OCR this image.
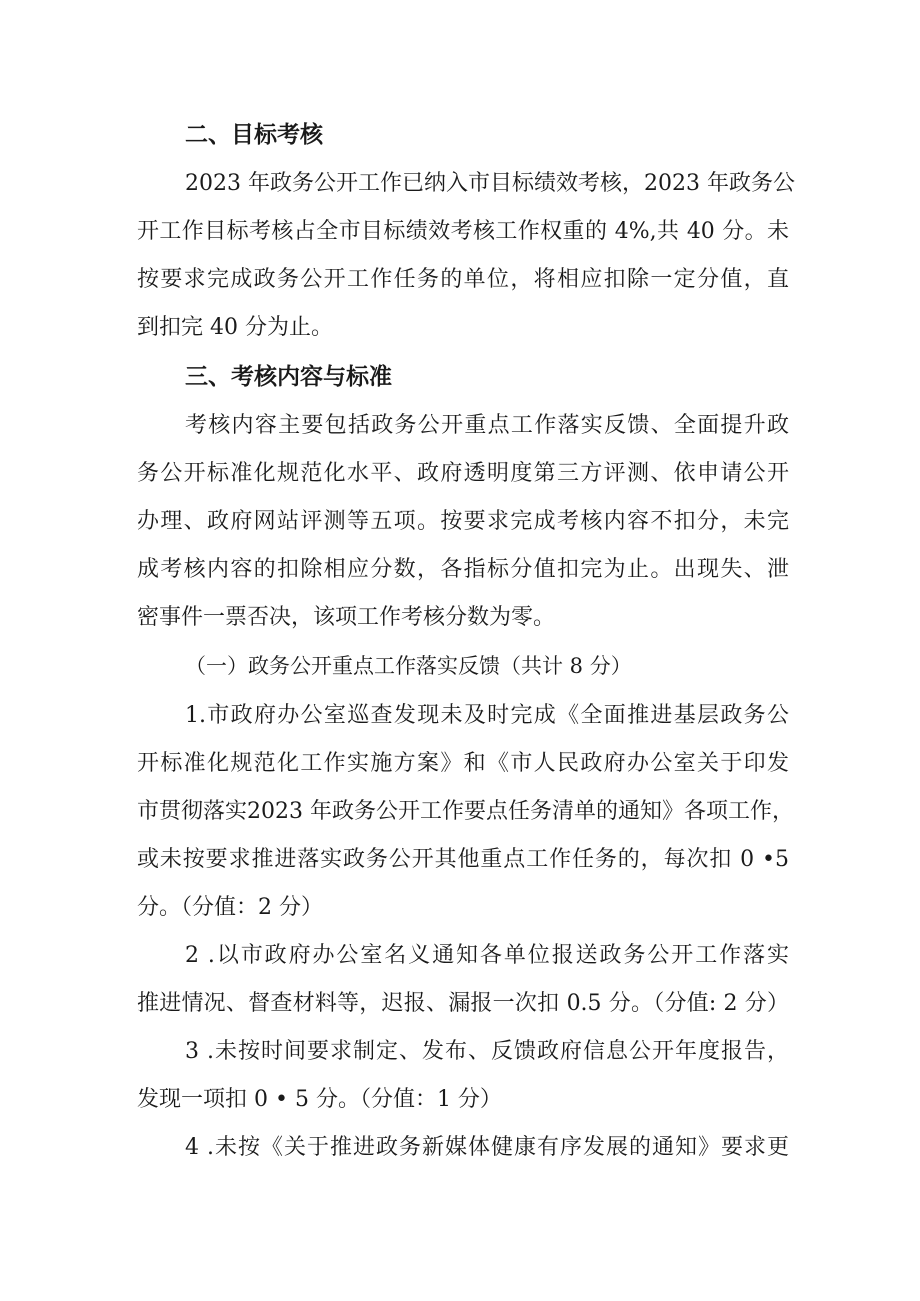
二、目标考核
2023 年政务公开工作已纳入市目标绩效考核，2023 年政务公
开工作目标考核占全市目标绩效考核工作权重的 4%,共 40 分。未
按要求完成政务公开工作任务的单位，将相应扣除一定分值，直
到扣完 40 分为止。
三、考核内容与标准
考核内容主要包括政务公开重点工作落实反馈、全面提升政
务公开标准化规范化水平、政府透明度第三方评测、依申请公开
办理、政府网站评测等五项。按要求完成考核内容不扣分，未完
成考核内容的扣除相应分数，各指标分值扣完为止。出现失、泄
密事件一票否决，该项工作考核分数为零。
（一）政务公开重点工作落实反馈（共计 8 分）
1.市政府办公室巡查发现未及时完成《全面推进基层政务公
开标准化规范化工作实施方案》和《市人民政府办公室关于印发
市贯彻落实2023 年政务公开工作要点任务清单的通知》各项工作，
或未按要求推进落实政务公开其他重点工作任务的，每次扣 0 •5
分。（分值：2 分）
2 .以市政府办公室名义通知各单位报送政务公开工作落实
推进情况、督查材料等，迟报、漏报一次扣 0.5 分。（分值: 2 分）
3 .未按时间要求制定、发布、反馈政府信息公开年度报告，
发现一项扣 0 • 5 分。（分值：1 分）
4 .未按《关于推进政务新媒体健康有序发展的通知》要求更
